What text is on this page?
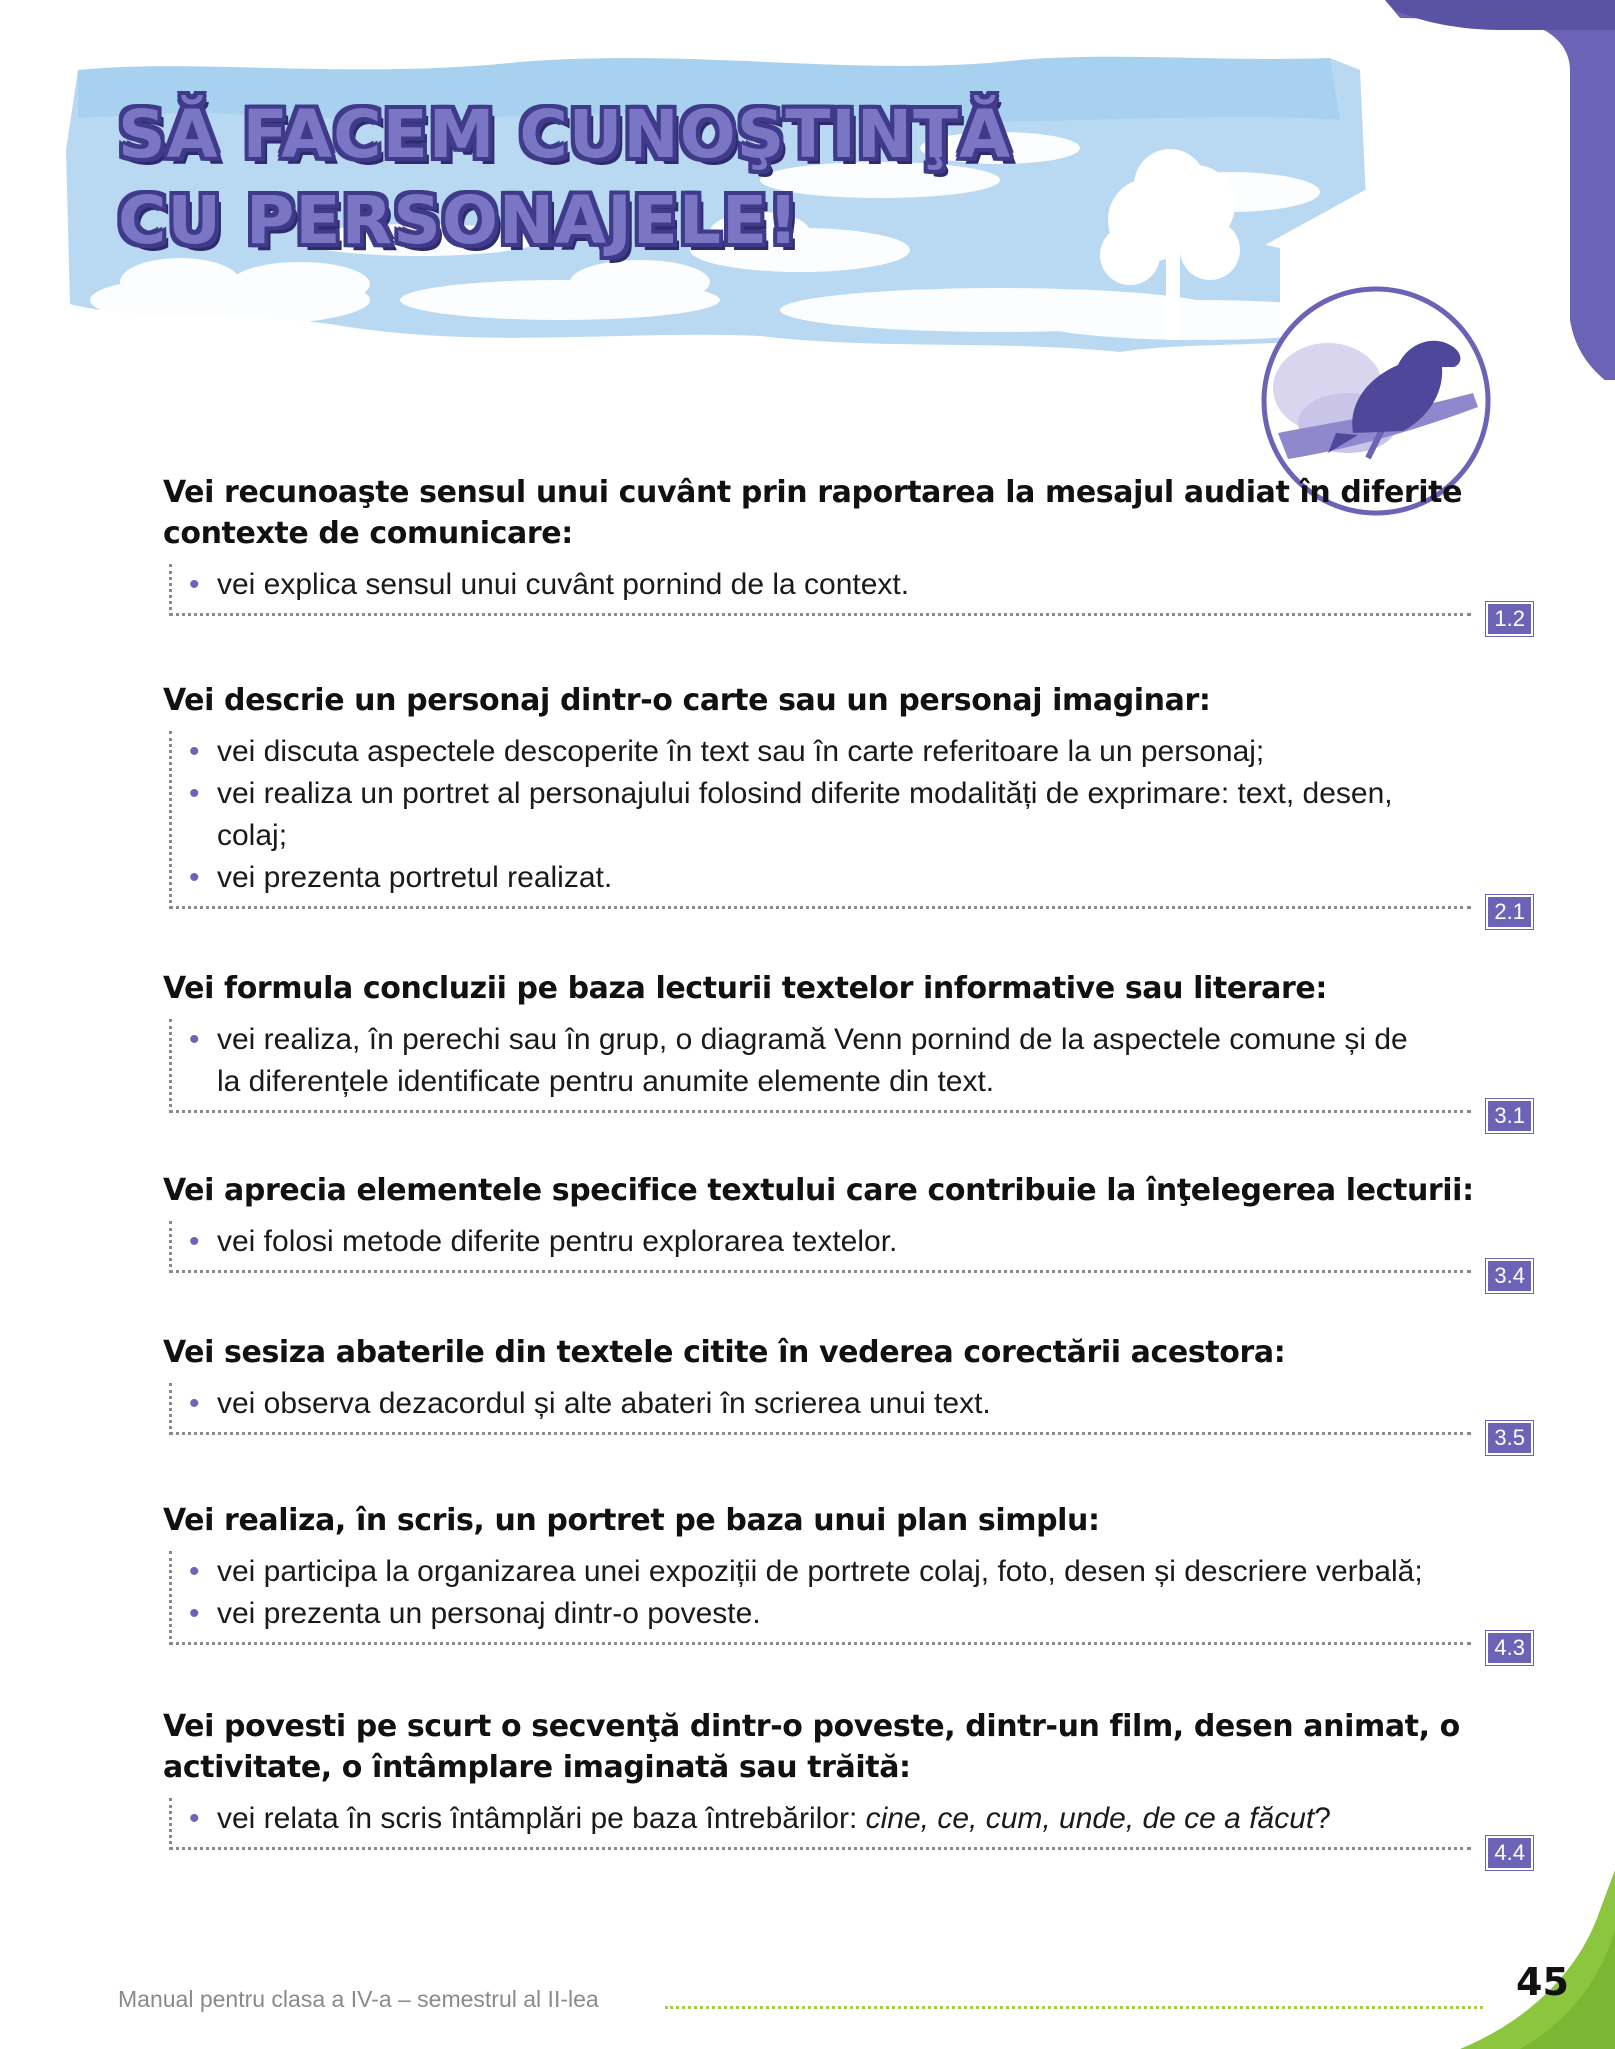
SĂ FACEM CUNOŞTINŢĂ
CU PERSONAJELE!

Vei recunoaşte sensul unui cuvânt prin raportarea la mesajul audiat în diferite contexte de comunicare:

• vei explica sensul unui cuvânt pornind de la context.
1.2

Vei descrie un personaj dintr-o carte sau un personaj imaginar:

• vei discuta aspectele descoperite în text sau în carte referitoare la un personaj;
• vei realiza un portret al personajului folosind diferite modalități de exprimare: text, desen, colaj;
• vei prezenta portretul realizat.
2.1

Vei formula concluzii pe baza lecturii textelor informative sau literare:

• vei realiza, în perechi sau în grup, o diagramă Venn pornind de la aspectele comune și de la diferențele identificate pentru anumite elemente din text.
3.1

Vei aprecia elementele specifice textului care contribuie la înţelegerea lecturii:

• vei folosi metode diferite pentru explorarea textelor.
3.4

Vei sesiza abaterile din textele citite în vederea corectării acestora:

• vei observa dezacordul și alte abateri în scrierea unui text.
3.5

Vei realiza, în scris, un portret pe baza unui plan simplu:

• vei participa la organizarea unei expoziții de portrete colaj, foto, desen și descriere verbală;
• vei prezenta un personaj dintr-o poveste.
4.3

Vei povesti pe scurt o secvenţă dintr-o poveste, dintr-un film, desen animat, o activitate, o întâmplare imaginată sau trăită:

• vei relata în scris întâmplări pe baza întrebărilor: cine, ce, cum, unde, de ce a făcut?
4.4
Manual pentru clasa a IV-a – semestrul al II-lea	45
